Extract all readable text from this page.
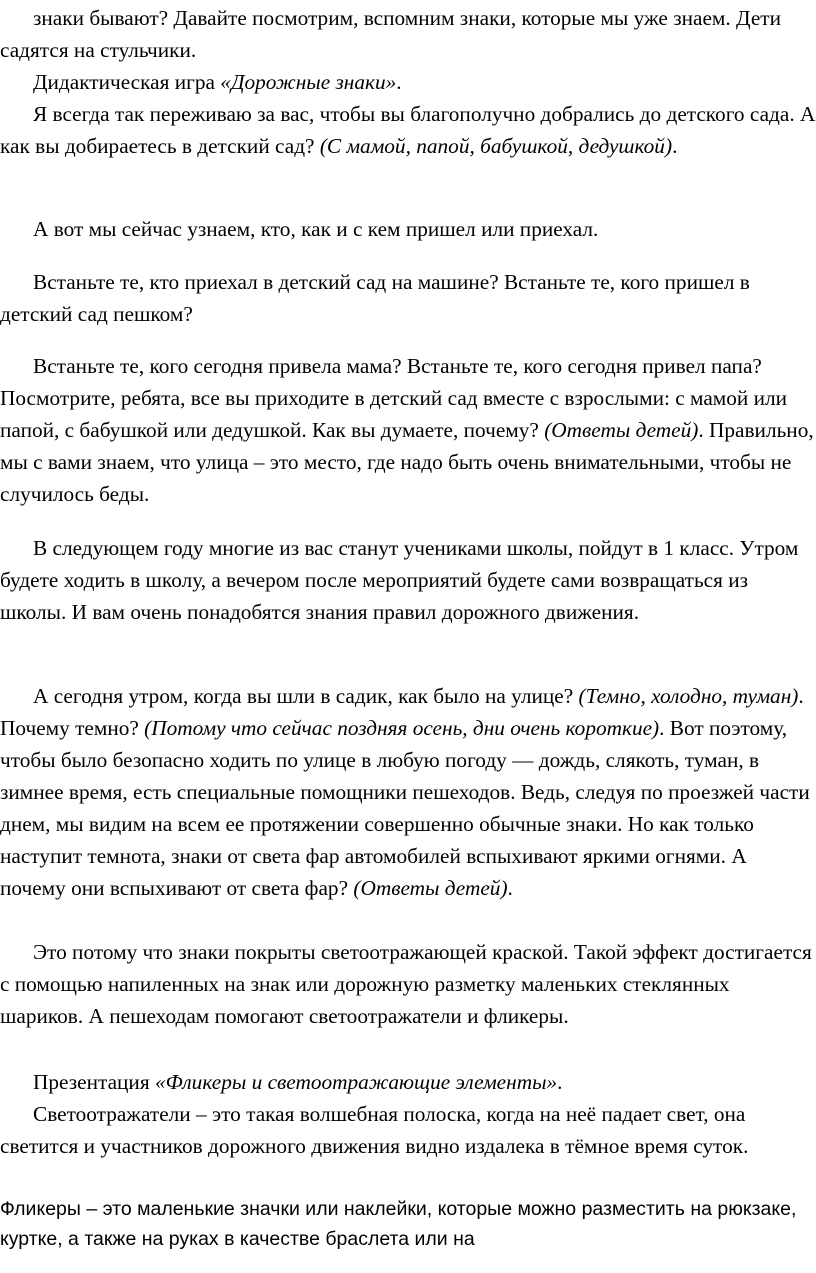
знаки бывают? Давайте посмотрим, вспомним знаки, которые мы уже знаем. Дети садятся на стульчики.

Дидактическая игра «Дорожные знаки».

Я всегда так переживаю за вас, чтобы вы благополучно добрались до детского сада. А как вы добираетесь в детский сад? (С мамой, папой, бабушкой, дедушкой).

А вот мы сейчас узнаем, кто, как и с кем пришел или приехал.

Встаньте те, кто приехал в детский сад на машине? Встаньте те, кого пришел в детский сад пешком?

Встаньте те, кого сегодня привела мама? Встаньте те, кого сегодня привел папа? Посмотрите, ребята, все вы приходите в детский сад вместе с взрослыми: с мамой или папой, с бабушкой или дедушкой. Как вы думаете, почему? (Ответы детей). Правильно, мы с вами знаем, что улица – это место, где надо быть очень внимательными, чтобы не случилось беды.

В следующем году многие из вас станут учениками школы, пойдут в 1 класс. Утром будете ходить в школу, а вечером после мероприятий будете сами возвращаться из школы. И вам очень понадобятся знания правил дорожного движения.

А сегодня утром, когда вы шли в садик, как было на улице? (Темно, холодно, туман). Почему темно? (Потому что сейчас поздняя осень, дни очень короткие). Вот поэтому, чтобы было безопасно ходить по улице в любую погоду — дождь, слякоть, туман, в зимнее время, есть специальные помощники пешеходов. Ведь, следуя по проезжей части днем, мы видим на всем ее протяжении совершенно обычные знаки. Но как только наступит темнота, знаки от света фар автомобилей вспыхивают яркими огнями. А почему они вспыхивают от света фар? (Ответы детей).

Это потому что знаки покрыты светоотражающей краской. Такой эффект достигается с помощью напиленных на знак или дорожную разметку маленьких стеклянных шариков. А пешеходам помогают светоотражатели и фликеры.

Презентация «Фликеры и светоотражающие элементы».

Светоотражатели – это такая волшебная полоска, когда на неё падает свет, она светится и участников дорожного движения видно издалека в тёмное время суток.

Фликеры – это маленькие значки или наклейки, которые можно разместить на рюкзаке, куртке, а также на руках в качестве браслета или на
